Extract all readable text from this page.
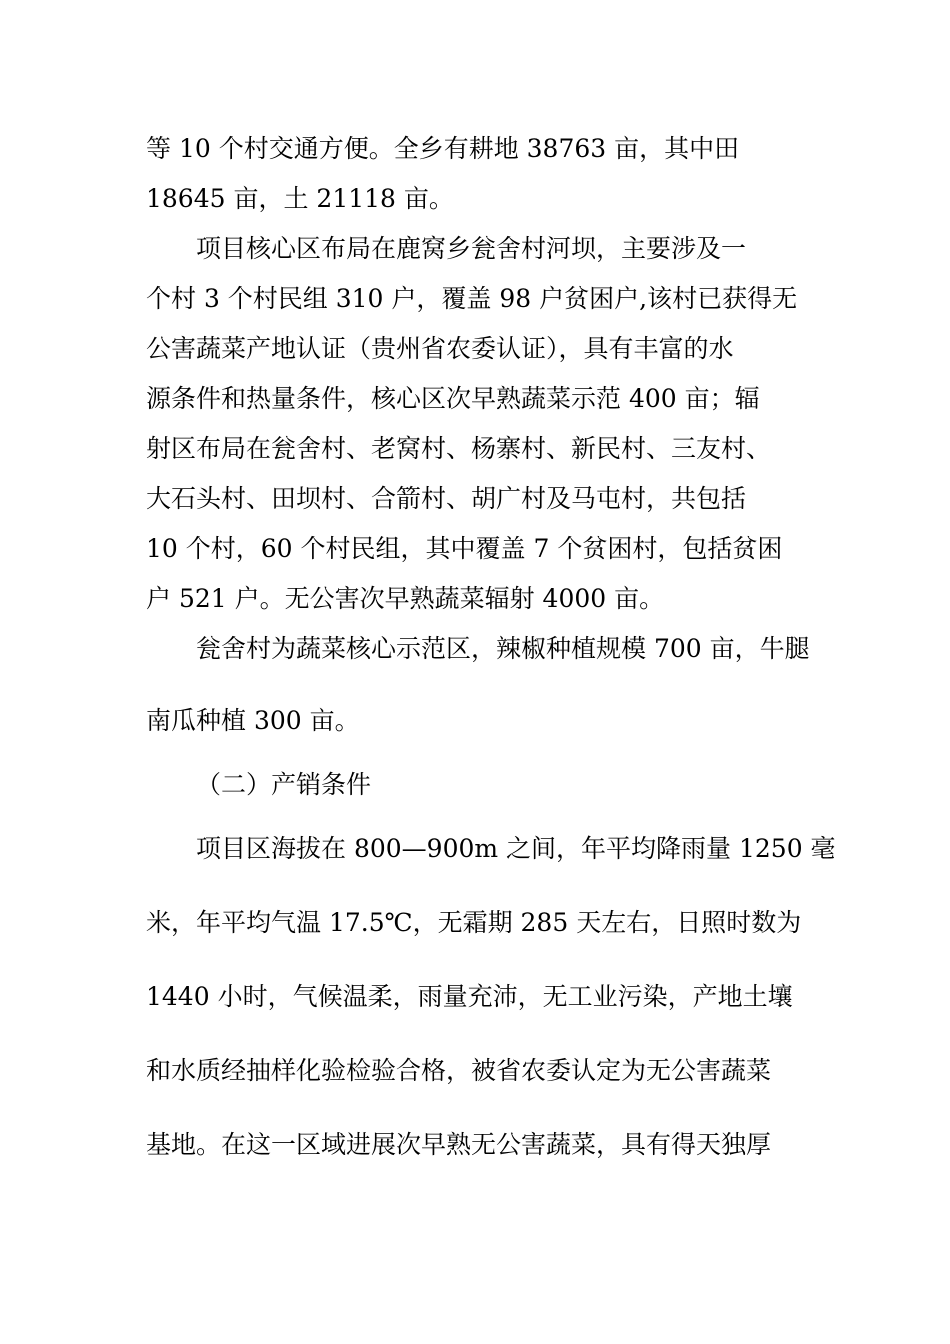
等 10 个村交通方便。全乡有耕地 38763 亩，其中田
18645 亩，土 21118 亩。
项目核心区布局在鹿窝乡瓮舍村河坝，主要涉及一
个村 3 个村民组 310 户，覆盖 98 户贫困户,该村已获得无
公害蔬菜产地认证（贵州省农委认证），具有丰富的水
源条件和热量条件，核心区次早熟蔬菜示范 400 亩；辐
射区布局在瓮舍村、老窝村、杨寨村、新民村、三友村、
大石头村、田坝村、合箭村、胡广村及马屯村，共包括
10 个村，60 个村民组，其中覆盖 7 个贫困村，包括贫困
户 521 户。无公害次早熟蔬菜辐射 4000 亩。
瓮舍村为蔬菜核心示范区，辣椒种植规模 700 亩，牛腿
南瓜种植 300 亩。
（二）产销条件
项目区海拔在 800—900m 之间，年平均降雨量 1250 毫
米，年平均气温 17.5℃，无霜期 285 天左右，日照时数为
1440 小时，气候温柔，雨量充沛，无工业污染，产地土壤
和水质经抽样化验检验合格，被省农委认定为无公害蔬菜
基地。在这一区域进展次早熟无公害蔬菜，具有得天独厚
